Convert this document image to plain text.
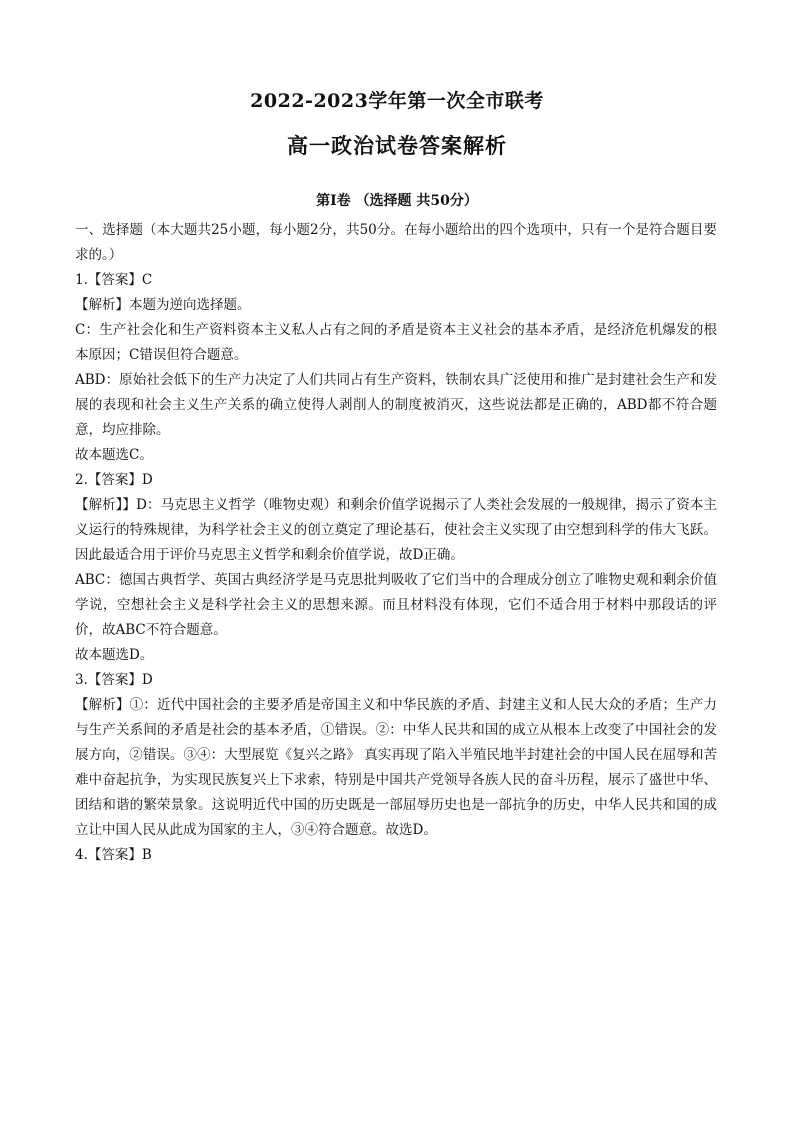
2022-2023学年第一次全市联考
高一政治试卷答案解析
第Ⅰ卷 （选择题 共50分）

一、选择题（本大题共25小题，每小题2分，共50分。在每小题给出的四个选项中，只有一个是符合题目要求的。）

1.【答案】C

【解析】本题为逆向选择题。

C：生产社会化和生产资料资本主义私人占有之间的矛盾是资本主义社会的基本矛盾，是经济危机爆发的根本原因；C错误但符合题意。

ABD：原始社会低下的生产力决定了人们共同占有生产资料，铁制农具广泛使用和推广是封建社会生产和发展的表现和社会主义生产关系的确立使得人剥削人的制度被消灭，这些说法都是正确的，ABD都不符合题意，均应排除。

故本题选C。

2.【答案】D

【解析】】D：马克思主义哲学（唯物史观）和剩余价值学说揭示了人类社会发展的一般规律，揭示了资本主义运行的特殊规律，为科学社会主义的创立奠定了理论基石，使社会主义实现了由空想到科学的伟大飞跃。因此最适合用于评价马克思主义哲学和剩余价值学说，故D正确。

ABC：德国古典哲学、英国古典经济学是马克思批判吸收了它们当中的合理成分创立了唯物史观和剩余价值学说，空想社会主义是科学社会主义的思想来源。而且材料没有体现，它们不适合用于材料中那段话的评价，故ABC不符合题意。

故本题选D。

3.【答案】D

【解析】①：近代中国社会的主要矛盾是帝国主义和中华民族的矛盾、封建主义和人民大众的矛盾；生产力与生产关系间的矛盾是社会的基本矛盾，①错误。②：中华人民共和国的成立从根本上改变了中国社会的发展方向，②错误。③④：大型展览《复兴之路》 真实再现了陷入半殖民地半封建社会的中国人民在屈辱和苦难中奋起抗争，为实现民族复兴上下求索，特别是中国共产党领导各族人民的奋斗历程，展示了盛世中华、团结和谐的繁荣景象。这说明近代中国的历史既是一部屈辱历史也是一部抗争的历史，中华人民共和国的成立让中国人民从此成为国家的主人，③④符合题意。故选D。

4.【答案】B
